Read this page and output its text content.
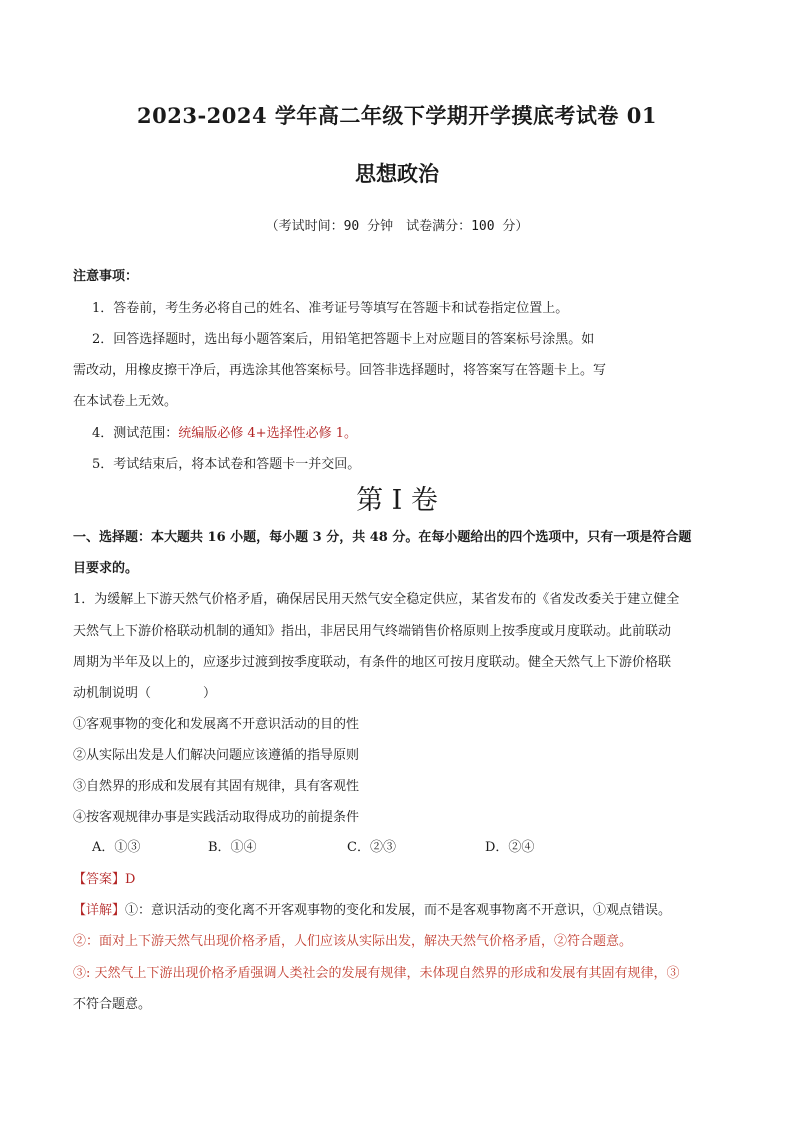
2023-2024 学年高二年级下学期开学摸底考试卷 01
思想政治
（考试时间：90 分钟　试卷满分：100 分）
注意事项：
1．答卷前，考生务必将自己的姓名、准考证号等填写在答题卡和试卷指定位置上。
2．回答选择题时，选出每小题答案后，用铅笔把答题卡上对应题目的答案标号涂黑。如
需改动，用橡皮擦干净后，再选涂其他答案标号。回答非选择题时，将答案写在答题卡上。写
在本试卷上无效。
4．测试范围：统编版必修 4+选择性必修 1。
5．考试结束后，将本试卷和答题卡一并交回。
第 I 卷
一、选择题：本大题共 16 小题，每小题 3 分，共 48 分。在每小题给出的四个选项中，只有一项是符合题
目要求的。
1．为缓解上下游天然气价格矛盾，确保居民用天然气安全稳定供应，某省发布的《省发改委关于建立健全
天然气上下游价格联动机制的通知》指出，非居民用气终端销售价格原则上按季度或月度联动。此前联动
周期为半年及以上的，应逐步过渡到按季度联动，有条件的地区可按月度联动。健全天然气上下游价格联
动机制说明（　　　　）
①客观事物的变化和发展离不开意识活动的目的性
②从实际出发是人们解决问题应该遵循的指导原则
③自然界的形成和发展有其固有规律，具有客观性
④按客观规律办事是实践活动取得成功的前提条件
A．①③	B．①④	C．②③	D．②④
【答案】D
【详解】①：意识活动的变化离不开客观事物的变化和发展，而不是客观事物离不开意识，①观点错误。
②：面对上下游天然气出现价格矛盾，人们应该从实际出发，解决天然气价格矛盾，②符合题意。
③: 天然气上下游出现价格矛盾强调人类社会的发展有规律，未体现自然界的形成和发展有其固有规律，③
不符合题意。
